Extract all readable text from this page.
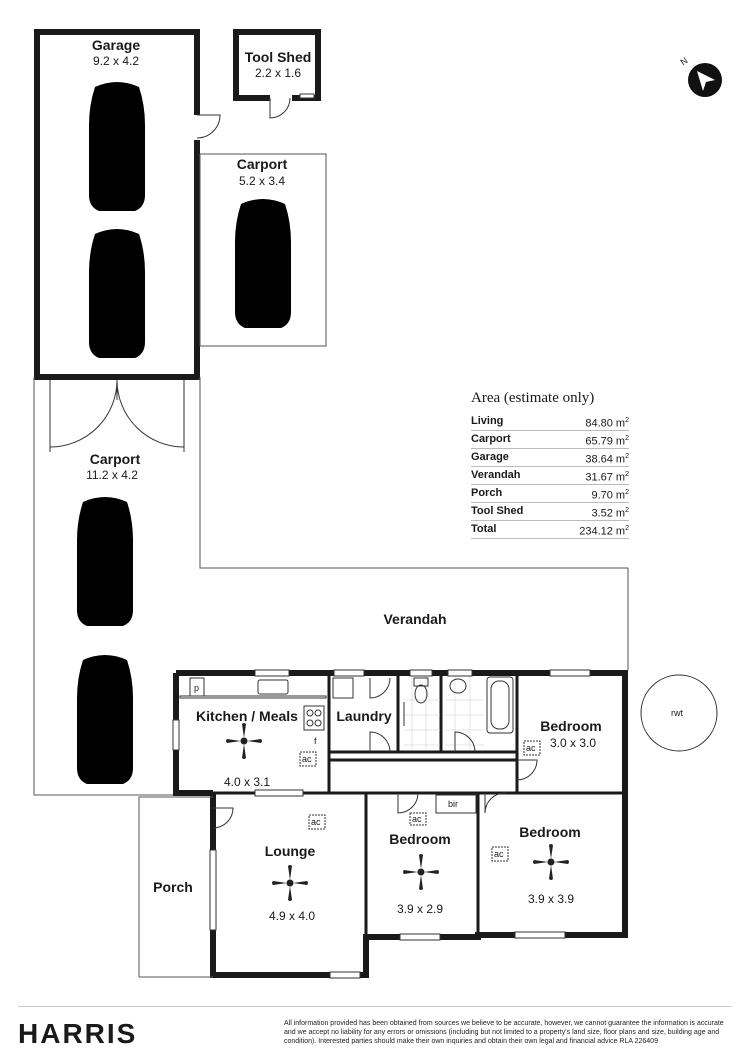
Garage
9.2 x 4.2	Tool Shed
2.2 x 1.6
Carport
5.2 x 3.4
Carport
11.2 x 4.2
Verandah
Kitchen / Meals
4.0 x 3.1
Laundry
Bedroom
3.0 x 3.0
Lounge
4.9 x 4.0
Bedroom
3.9 x 2.9
Bedroom
3.9 x 3.9
Porch
p
f
ac
ac
ac	ac
ac
bir
rwt
N
Area (estimate only)
Living	84.80 $m^2$
Carport	65.79 $m^2$
Garage	38.64 $m^2$
Verandah	31.67 $m^2$
Porch	9.70 $m^2$
Tool Shed	3.52 $m^2$
Total	234.12 $m^2$
HARRIS	All information provided has been obtained from sources we believe to be accurate, however, we cannot guarantee the information is accurate and we accept no liability for any errors or omissions (including but not limited to a property's land size, floor plans and size, building age and condition). Interested parties should make their own inquiries and obtain their own legal and financial advice RLA 226409
